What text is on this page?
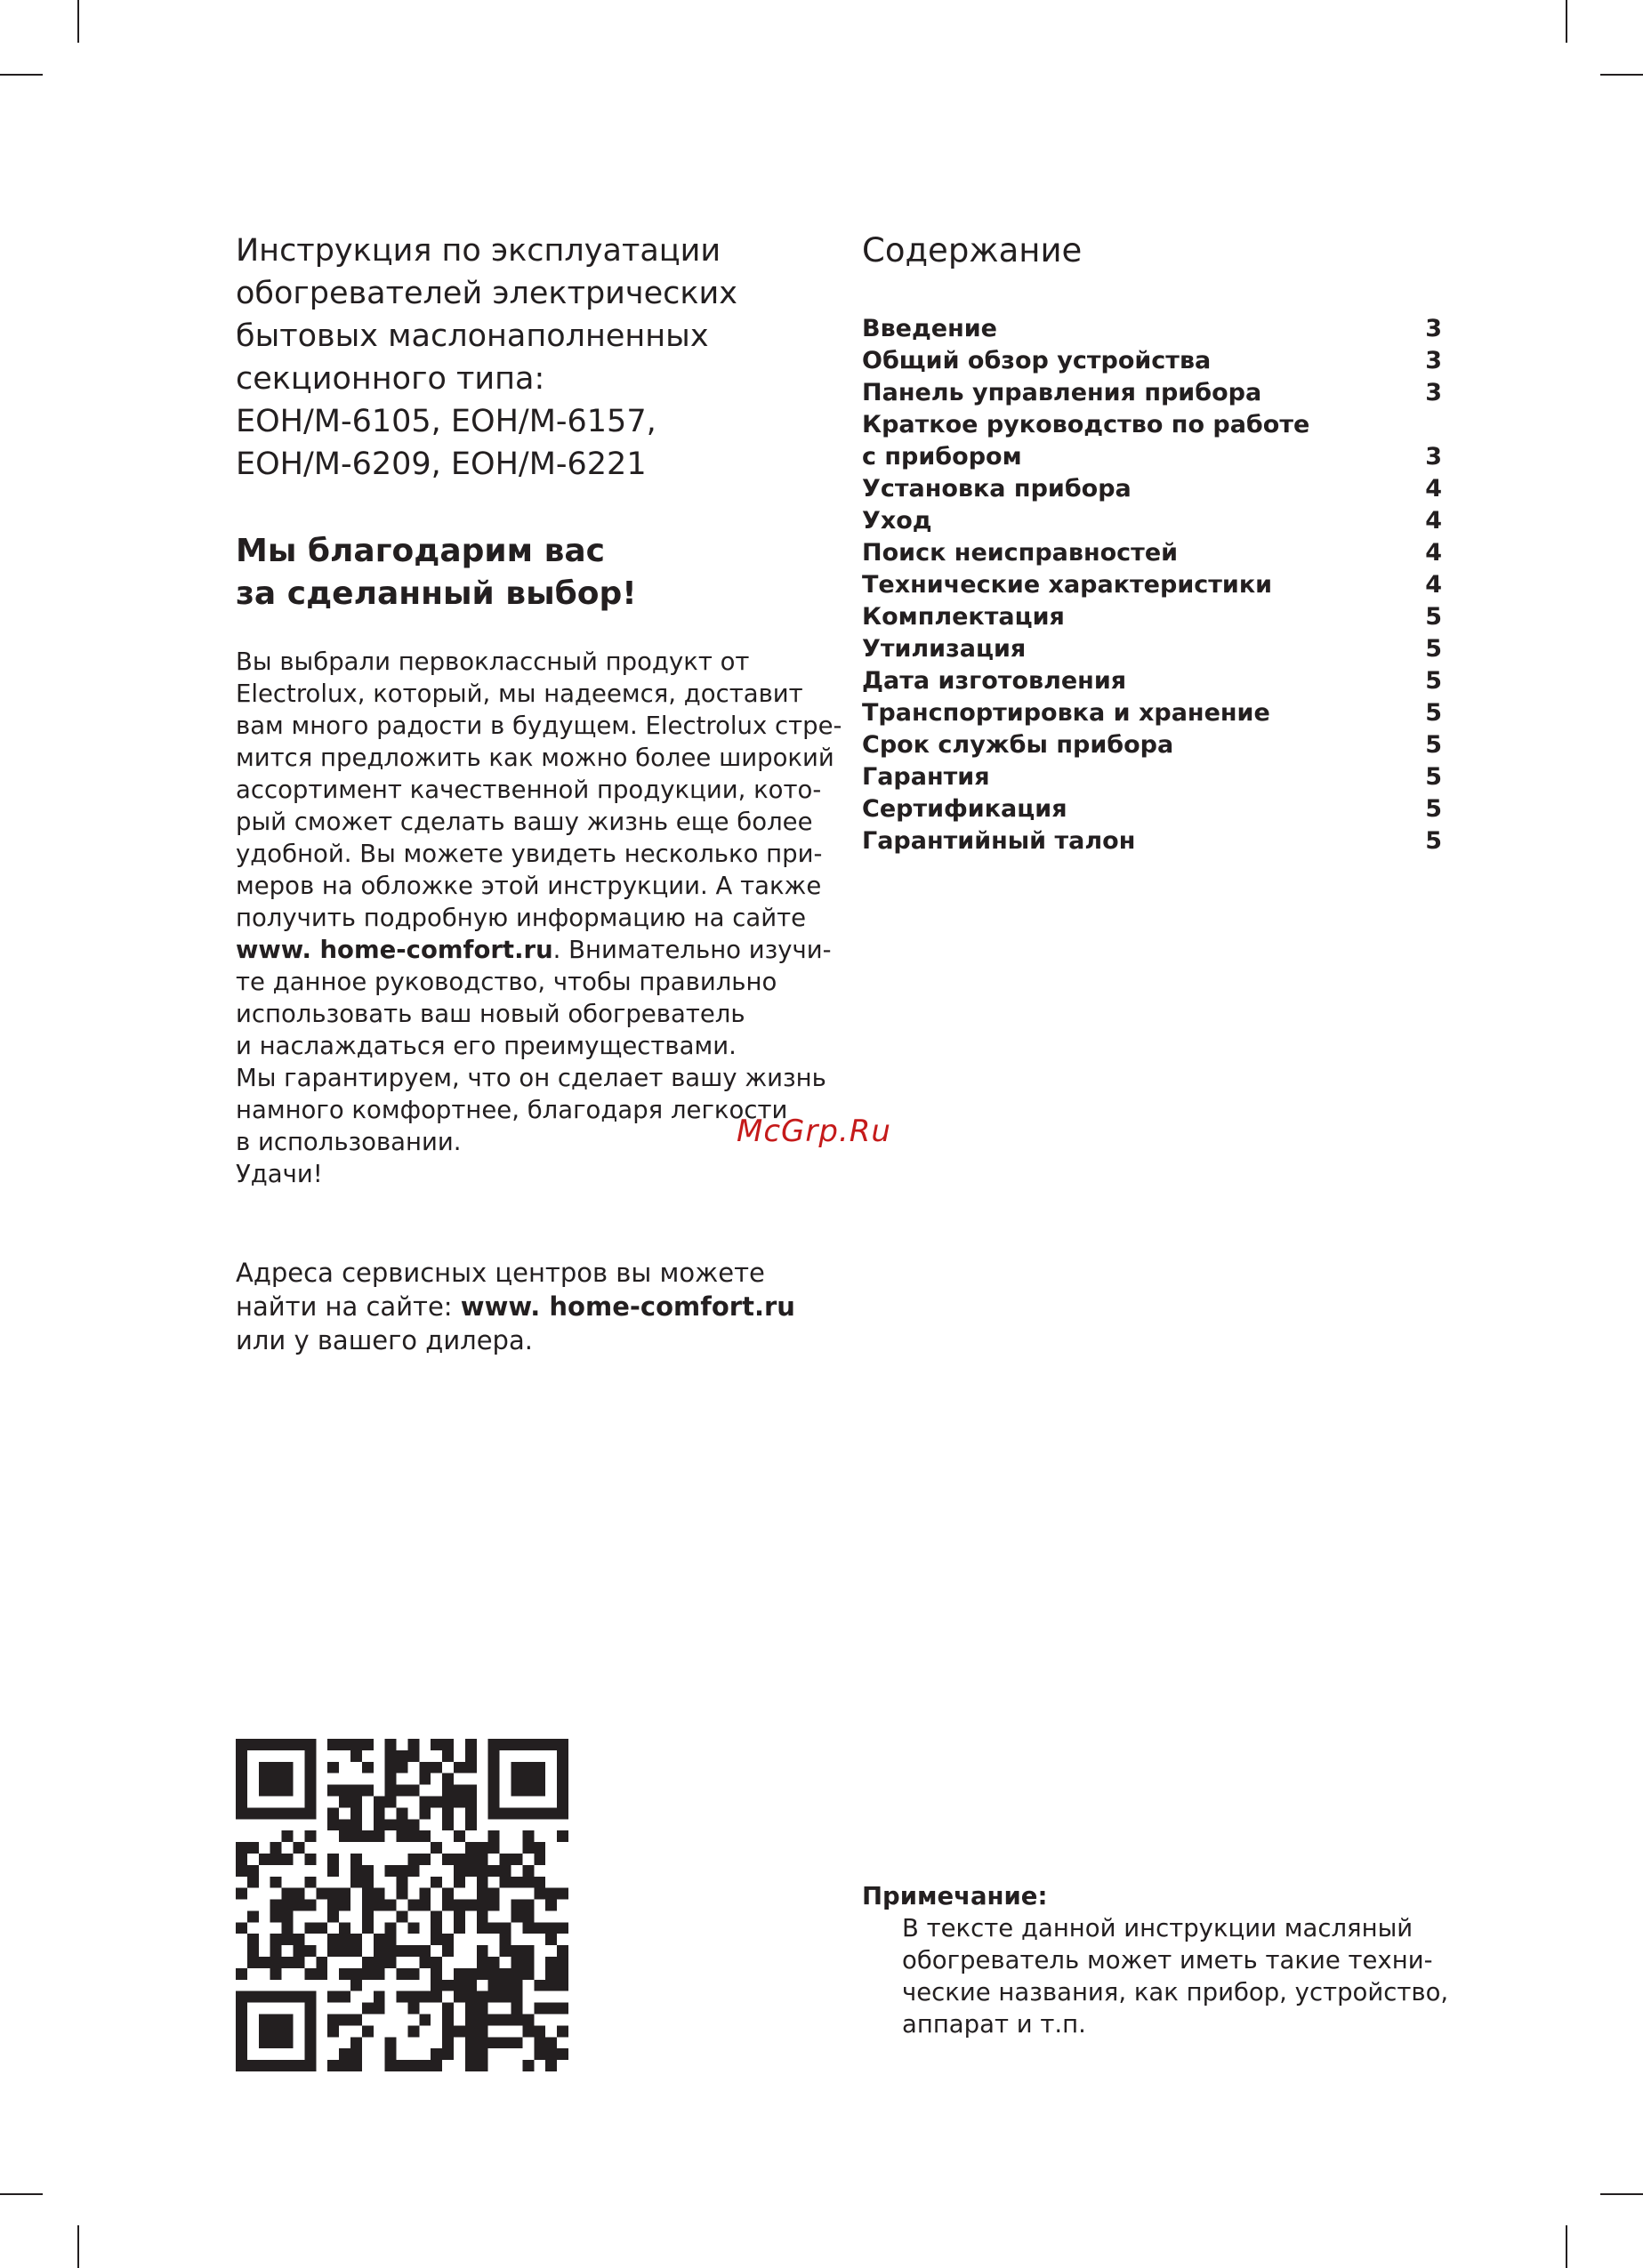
Инструкция по эксплуатации
обогревателей электрических
бытовых маслонаполненных
секционного типа:
EOH/M-6105, EOH/M-6157,
EOH/M-6209, EOH/M-6221
Мы благодарим вас
за сделанный выбор!
Вы выбрали первоклассный продукт от
Electrolux, который, мы надеемся, доставит
вам много радости в будущем. Electrolux стре-
мится предложить как можно более широкий
ассортимент качественной продукции, кото-
рый сможет сделать вашу жизнь еще более
удобной. Вы можете увидеть несколько при-
меров на обложке этой инструкции. А также
получить подробную информацию на сайте
www. home-comfort.ru. Внимательно изучи-
те данное руководство, чтобы правильно
использовать ваш новый обогреватель
и наслаждаться его преимуществами.
Мы гарантируем, что он сделает вашу жизнь
намного комфортнее, благодаря легкости
в использовании.
Удачи!
Адреса сервисных центров вы можете
найти на сайте: www. home-comfort.ru
или у вашего дилера.
Содержание
Введение	3
Общий обзор устройства	3
Панель управления прибора	3
Краткое руководство по работе
с прибором	3
Установка прибора	4
Уход	4
Поиск неисправностей	4
Технические характеристики	4
Комплектация	5
Утилизация	5
Дата изготовления	5
Транспортировка и хранение	5
Срок службы прибора	5
Гарантия	5
Сертификация	5
Гарантийный талон	5
McGrp.Ru
Примечание:
В тексте данной инструкции масляный
обогреватель может иметь такие техни-
ческие названия, как прибор, устройство,
аппарат и т.п.
